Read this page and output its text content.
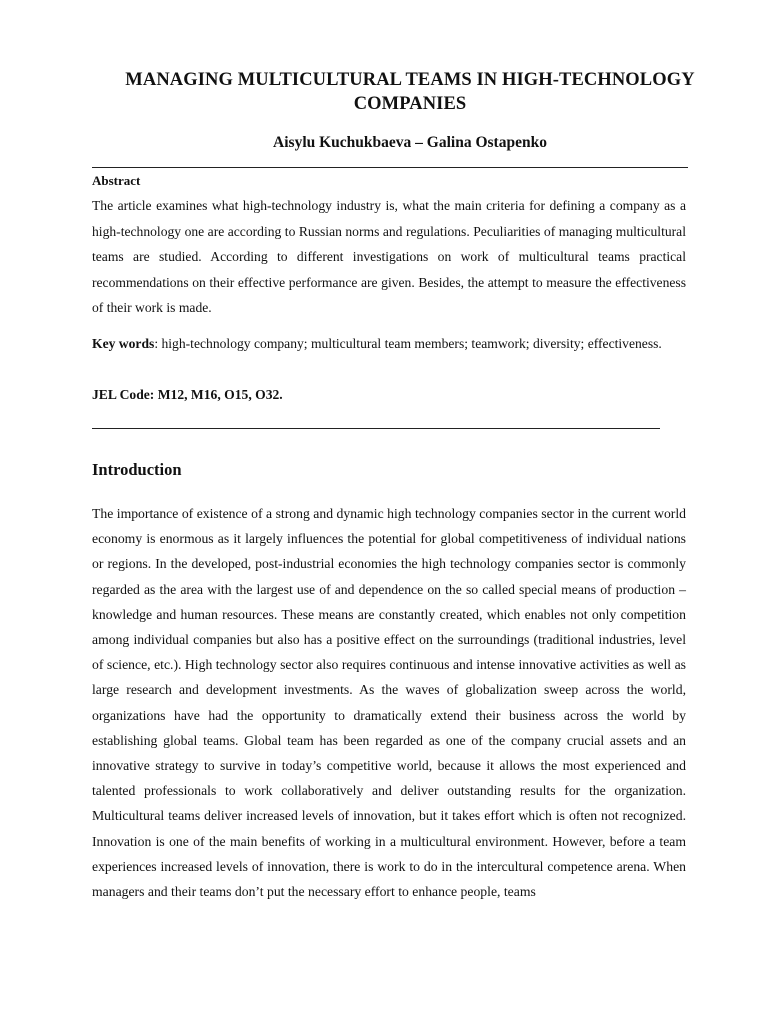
MANAGING MULTICULTURAL TEAMS IN HIGH-TECHNOLOGY COMPANIES
Aisylu Kuchukbaeva – Galina Ostapenko
Abstract
The article examines what high-technology industry is, what the main criteria for defining a company as a high-technology one are according to Russian norms and regulations. Peculiarities of managing multicultural teams are studied. According to different investigations on work of multicultural teams practical recommendations on their effective performance are given. Besides, the attempt to measure the effectiveness of their work is made.
Key words: high-technology company; multicultural team members; teamwork; diversity; effectiveness.
JEL Code: M12, M16, O15, O32.
Introduction
The importance of existence of a strong and dynamic high technology companies sector in the current world economy is enormous as it largely influences the potential for global competitiveness of individual nations or regions. In the developed, post-industrial economies the high technology companies sector is commonly regarded as the area with the largest use of and dependence on the so called special means of production – knowledge and human resources. These means are constantly created, which enables not only competition among individual companies but also has a positive effect on the surroundings (traditional industries, level of science, etc.). High technology sector also requires continuous and intense innovative activities as well as large research and development investments. As the waves of globalization sweep across the world, organizations have had the opportunity to dramatically extend their business across the world by establishing global teams. Global team has been regarded as one of the company crucial assets and an innovative strategy to survive in today’s competitive world, because it allows the most experienced and talented professionals to work collaboratively and deliver outstanding results for the organization. Multicultural teams deliver increased levels of innovation, but it takes effort which is often not recognized. Innovation is one of the main benefits of working in a multicultural environment. However, before a team experiences increased levels of innovation, there is work to do in the intercultural competence arena. When managers and their teams don’t put the necessary effort to enhance people, teams
